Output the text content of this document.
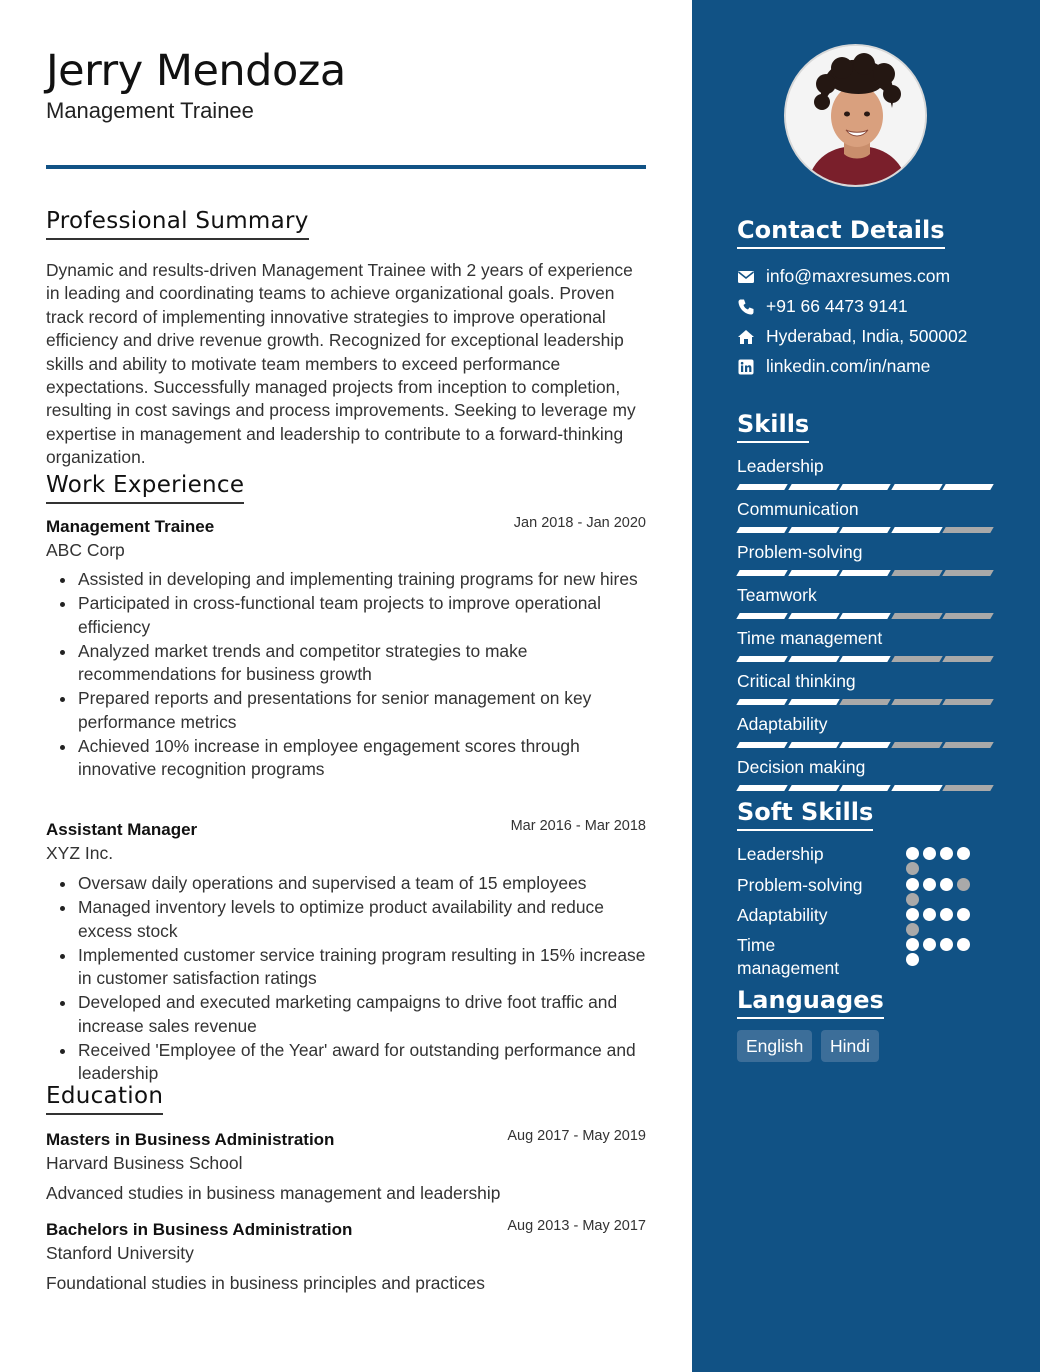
Jerry Mendoza
Management Trainee
Professional Summary
Dynamic and results-driven Management Trainee with 2 years of experience in leading and coordinating teams to achieve organizational goals. Proven track record of implementing innovative strategies to improve operational efficiency and drive revenue growth. Recognized for exceptional leadership skills and ability to motivate team members to exceed performance expectations. Successfully managed projects from inception to completion, resulting in cost savings and process improvements. Seeking to leverage my expertise in management and leadership to contribute to a forward-thinking organization.
Work Experience
Management Trainee	Jan 2018 - Jan 2020
ABC Corp
Assisted in developing and implementing training programs for new hires
Participated in cross-functional team projects to improve operational efficiency
Analyzed market trends and competitor strategies to make recommendations for business growth
Prepared reports and presentations for senior management on key performance metrics
Achieved 10% increase in employee engagement scores through innovative recognition programs
Assistant Manager	Mar 2016 - Mar 2018
XYZ Inc.
Oversaw daily operations and supervised a team of 15 employees
Managed inventory levels to optimize product availability and reduce excess stock
Implemented customer service training program resulting in 15% increase in customer satisfaction ratings
Developed and executed marketing campaigns to drive foot traffic and increase sales revenue
Received 'Employee of the Year' award for outstanding performance and leadership
Education
Masters in Business Administration	Aug 2017 - May 2019
Harvard Business School
Advanced studies in business management and leadership
Bachelors in Business Administration	Aug 2013 - May 2017
Stanford University
Foundational studies in business principles and practices
Contact Details
info@maxresumes.com
+91 66 4473 9141
Hyderabad, India, 500002
linkedin.com/in/name
Skills
Leadership
Communication
Problem-solving
Teamwork
Time management
Critical thinking
Adaptability
Decision making
Soft Skills
Leadership
Problem-solving
Adaptability
Time management
Languages
English	Hindi
